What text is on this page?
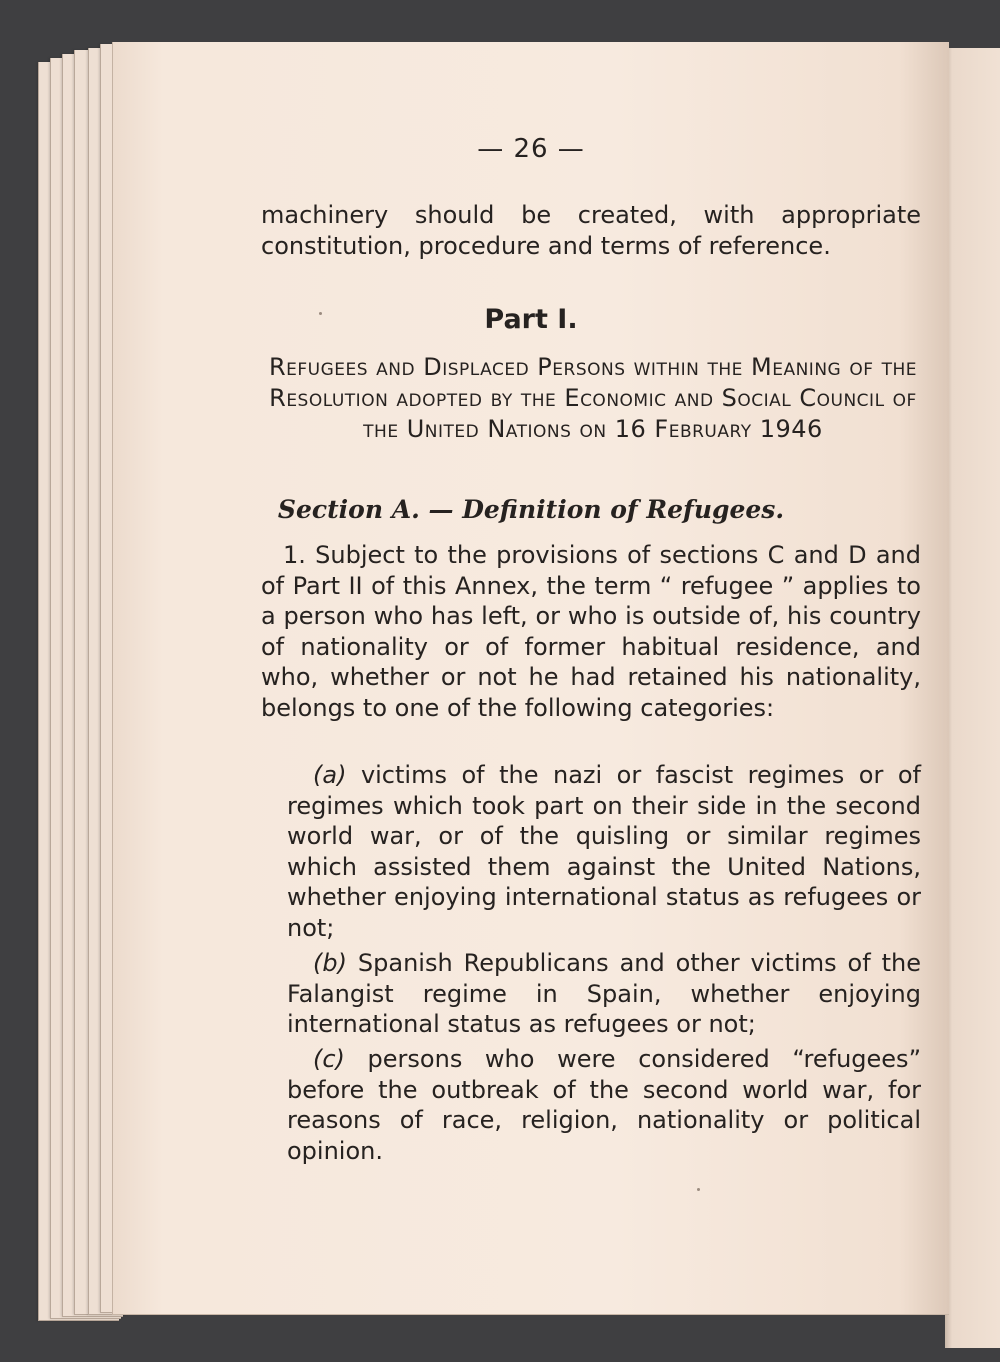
— 26 —

machinery should be created, with appropriate constitution, procedure and terms of reference.

Part I.

Refugees and Displaced Persons within the Meaning of the Resolution adopted by the Economic and Social Council of the United Nations on 16 February 1946

Section A. — Definition of Refugees.

1. Subject to the provisions of sections C and D and of Part II of this Annex, the term “ refugee ” applies to a person who has left, or who is outside of, his country of nationality or of former habitual residence, and who, whether or not he had retained his nationality, belongs to one of the following categories:

(a) victims of the nazi or fascist regimes or of regimes which took part on their side in the second world war, or of the quisling or similar regimes which assisted them against the United Nations, whether enjoying international status as refugees or not;

(b) Spanish Republicans and other victims of the Falangist regime in Spain, whether enjoying international status as refugees or not;

(c) persons who were considered “refugees” before the outbreak of the second world war, for reasons of race, religion, nationality or political opinion.
